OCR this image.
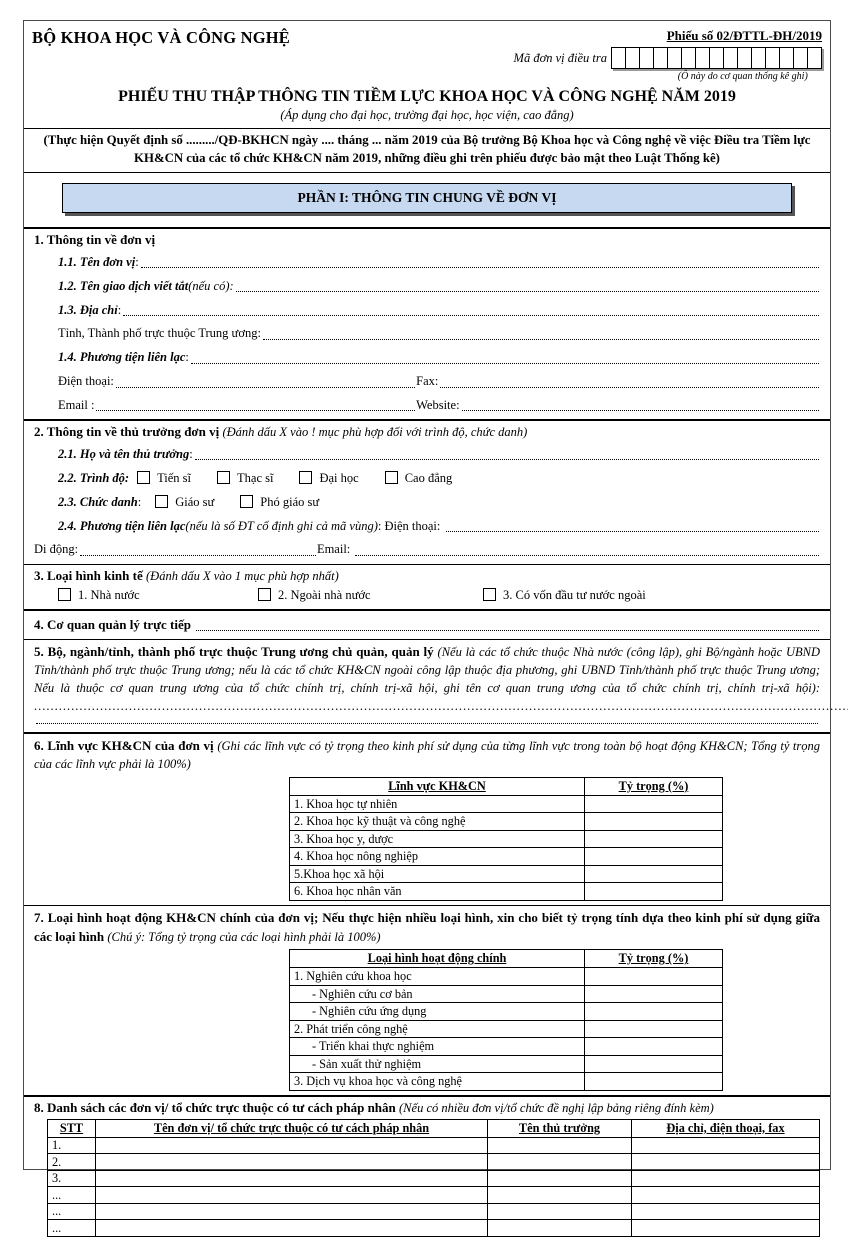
BỘ KHOA HỌC VÀ CÔNG NGHỆ	Phiếu số 02/ĐTTL-ĐH/2019
Mã đơn vị điều tra
(Ô này do cơ quan thống kê ghi)
PHIẾU THU THẬP THÔNG TIN TIỀM LỰC KHOA HỌC VÀ CÔNG NGHỆ NĂM 2019
(Áp dụng cho đại học, trường đại học, học viện, cao đẳng)
(Thực hiện Quyết định số ........./QĐ-BKHCN ngày .... tháng ... năm 2019 của Bộ trưởng Bộ Khoa học và Công nghệ về việc Điều tra Tiềm lực KH&CN của các tổ chức KH&CN năm 2019, những điều ghi trên phiếu được bảo mật theo Luật Thống kê)
PHẦN I: THÔNG TIN CHUNG VỀ ĐƠN VỊ
1. Thông tin về đơn vị
1.1. Tên đơn vị :
1.2. Tên giao dịch viết tắt (nếu có):
1.3. Địa chỉ :
Tỉnh, Thành phố trực thuộc Trung ương:
1.4. Phương tiện liên lạc :
Điện thoại:	Fax:
Email :	Website:
2. Thông tin về thủ trưởng đơn vị (Đánh dấu X vào ! mục phù hợp đối với trình độ, chức danh)
2.1. Họ và tên thủ trưởng :
2.2. Trình độ:	Tiến sĩ	Thạc sĩ	Đại học	Cao đẳng
2.3. Chức danh :	Giáo sư	Phó giáo sư
2.4. Phương tiện liên lạc (nếu là số ĐT cố định ghi cả mã vùng) : Điện thoại:
Di động:	Email:
3. Loại hình kinh tế (Đánh dấu X vào 1 mục phù hợp nhất)
1. Nhà nước	2. Ngoài nhà nước	3. Có vốn đầu tư nước ngoài
4. Cơ quan quản lý trực tiếp
5. Bộ, ngành/tỉnh, thành phố trực thuộc Trung ương chủ quản, quản lý (Nếu là các tổ chức thuộc Nhà nước (công lập), ghi Bộ/ngành hoặc UBND Tỉnh/thành phố trực thuộc Trung ương; nếu là các tổ chức KH&CN ngoài công lập thuộc địa phương, ghi UBND Tỉnh/thành phố trực thuộc Trung ương; Nếu là thuộc cơ quan trung ương của tổ chức chính trị, chính trị-xã hội, ghi tên cơ quan trung ương của tổ chức chính trị, chính trị-xã hội): .....
6. Lĩnh vực KH&CN của đơn vị (Ghi các lĩnh vực có tỷ trọng theo kinh phí sử dụng của từng lĩnh vực trong toàn bộ hoạt động KH&CN; Tổng tỷ trọng của các lĩnh vực phải là 100%)
Lĩnh vực KH&CN	Tỷ trọng (%)
1. Khoa học tự nhiên	
2. Khoa học kỹ thuật và công nghệ	
3. Khoa học y, dược	
4. Khoa học nông nghiệp	
5.Khoa học xã hội	
6. Khoa học nhân văn	
7. Loại hình hoạt động KH&CN chính của đơn vị; Nếu thực hiện nhiều loại hình, xin cho biết tỷ trọng tính dựa theo kinh phí sử dụng giữa các loại hình (Chú ý: Tổng tỷ trọng của các loại hình phải là 100%)
Loại hình hoạt động chính	Tỷ trọng (%)
1. Nghiên cứu khoa học	
- Nghiên cứu cơ bản	
- Nghiên cứu ứng dụng	
2. Phát triển công nghệ	
- Triển khai thực nghiệm	
- Sản xuất thử nghiệm	
3. Dịch vụ khoa học và công nghệ	
8. Danh sách các đơn vị/ tổ chức trực thuộc có tư cách pháp nhân (Nếu có nhiều đơn vị/tổ chức đề nghị lập bảng riêng đính kèm)
STT	Tên đơn vị/ tổ chức trực thuộc có tư cách pháp nhân	Tên thủ trưởng	Địa chỉ, điện thoại, fax
1.			
2.			
3.			
...			
...			
...			
